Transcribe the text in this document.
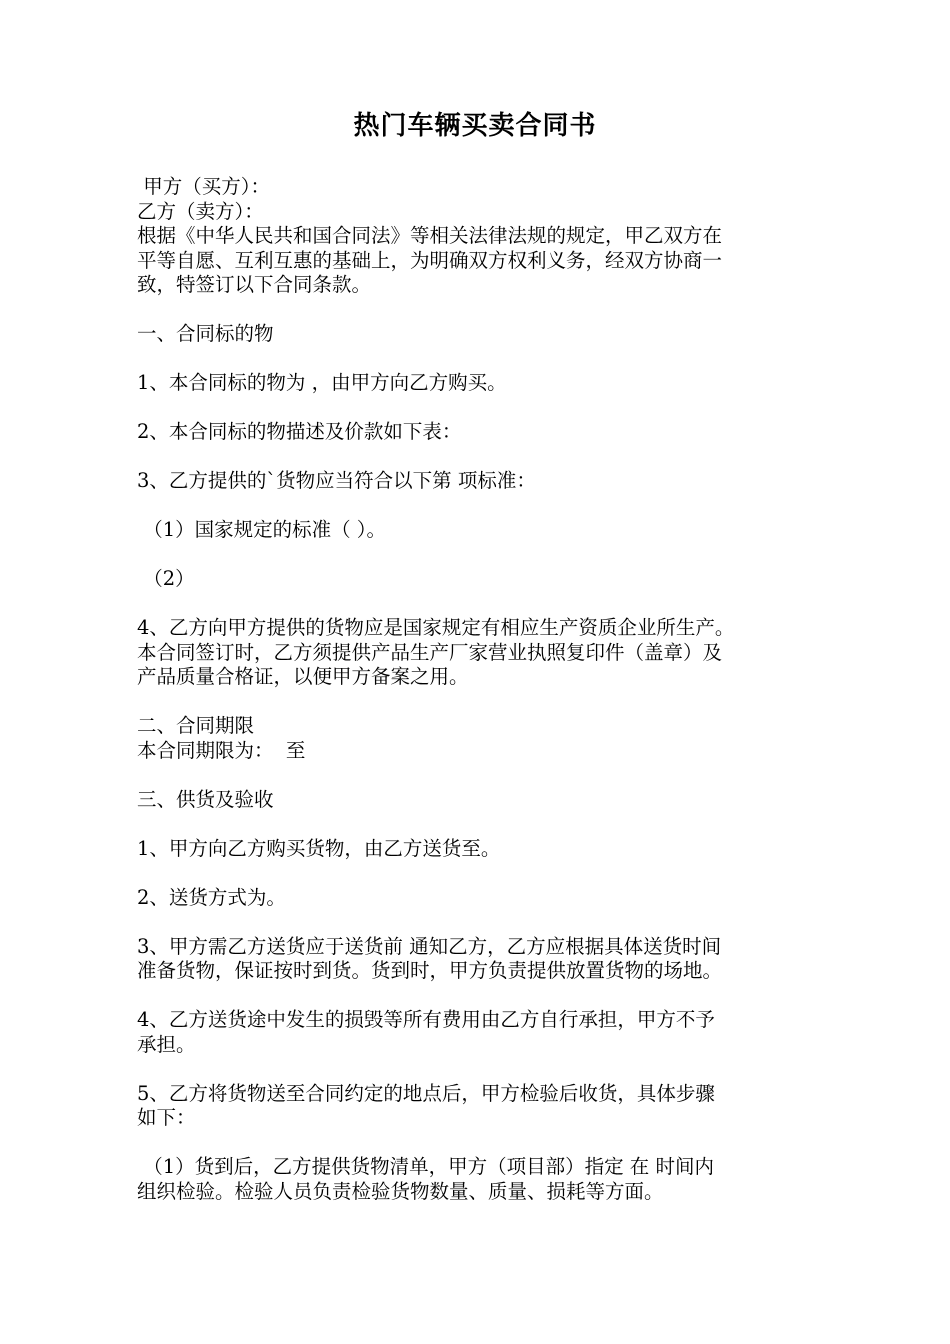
热门车辆买卖合同书

甲方（买方）：

乙方（卖方）：

根据《中华人民共和国合同法》等相关法律法规的规定，甲乙双方在

平等自愿、互利互惠的基础上，为明确双方权利义务，经双方协商一

致，特签订以下合同条款。

一、合同标的物

1、本合同标的物为 ，由甲方向乙方购买。

2、本合同标的物描述及价款如下表：

3、乙方提供的`货物应当符合以下第 项标准：

（1）国家规定的标准（ ）。

（2）

4、乙方向甲方提供的货物应是国家规定有相应生产资质企业所生产。

本合同签订时，乙方须提供产品生产厂家营业执照复印件（盖章）及

产品质量合格证，以便甲方备案之用。

二、合同期限

本合同期限为：  至

三、供货及验收

1、甲方向乙方购买货物，由乙方送货至。

2、送货方式为。

3、甲方需乙方送货应于送货前 通知乙方，乙方应根据具体送货时间

准备货物，保证按时到货。货到时，甲方负责提供放置货物的场地。

4、乙方送货途中发生的损毁等所有费用由乙方自行承担，甲方不予

承担。

5、乙方将货物送至合同约定的地点后，甲方检验后收货，具体步骤

如下：

（1）货到后，乙方提供货物清单，甲方（项目部）指定 在 时间内

组织检验。检验人员负责检验货物数量、质量、损耗等方面。
